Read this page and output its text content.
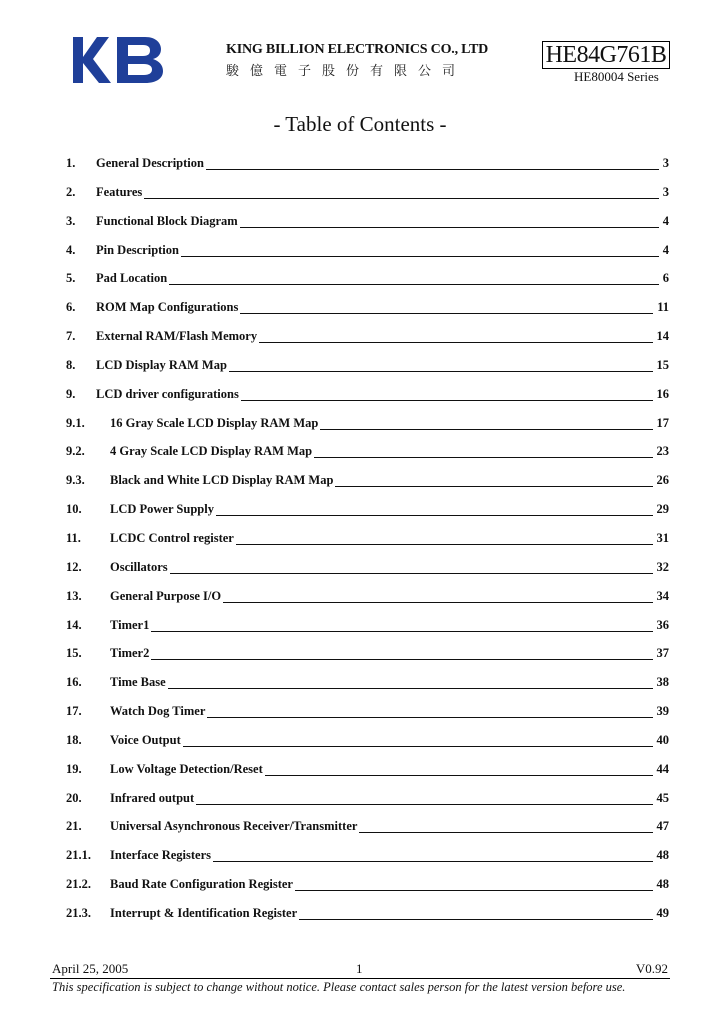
KING BILLION ELECTRONICS CO., LTD
駿億電子股份有限公司
HE84G761B
HE80004 Series
- Table of Contents -
1.	General Description	3
2.	Features	3
3.	Functional Block Diagram	4
4.	Pin Description	4
5.	Pad Location	6
6.	ROM Map Configurations	11
7.	External RAM/Flash Memory	14
8.	LCD Display RAM Map	15
9.	LCD driver configurations	16
9.1.	16 Gray Scale LCD Display RAM Map	17
9.2.	4 Gray Scale LCD Display RAM Map	23
9.3.	Black and White LCD Display RAM Map	26
10.	LCD Power Supply	29
11.	LCDC Control register	31
12.	Oscillators	32
13.	General Purpose I/O	34
14.	Timer1	36
15.	Timer2	37
16.	Time Base	38
17.	Watch Dog Timer	39
18.	Voice Output	40
19.	Low Voltage Detection/Reset	44
20.	Infrared output	45
21.	Universal Asynchronous Receiver/Transmitter	47
21.1.	Interface Registers	48
21.2.	Baud Rate Configuration Register	48
21.3.	Interrupt & Identification Register	49
April 25, 2005	1	V0.92
This specification is subject to change without notice. Please contact sales person for the latest version before use.
